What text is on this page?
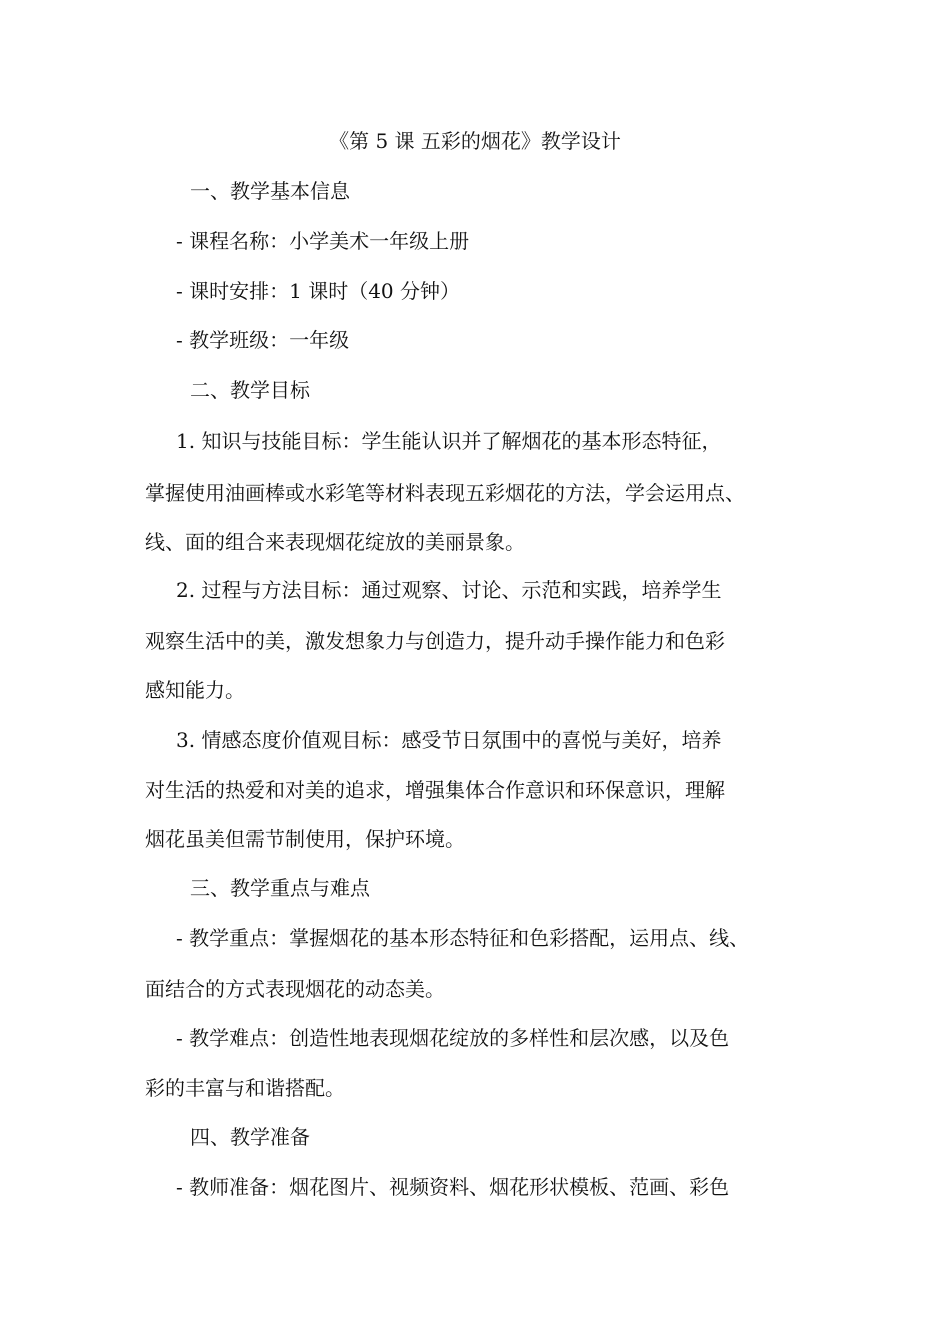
《第 5 课 五彩的烟花》教学设计
一、教学基本信息
- 课程名称：小学美术一年级上册
- 课时安排：1 课时（40 分钟）
- 教学班级：一年级
二、教学目标
1. 知识与技能目标：学生能认识并了解烟花的基本形态特征，
掌握使用油画棒或水彩笔等材料表现五彩烟花的方法，学会运用点、
线、面的组合来表现烟花绽放的美丽景象。
2. 过程与方法目标：通过观察、讨论、示范和实践，培养学生
观察生活中的美，激发想象力与创造力，提升动手操作能力和色彩
感知能力。
3. 情感态度价值观目标：感受节日氛围中的喜悦与美好，培养
对生活的热爱和对美的追求，增强集体合作意识和环保意识，理解
烟花虽美但需节制使用，保护环境。
三、教学重点与难点
- 教学重点：掌握烟花的基本形态特征和色彩搭配，运用点、线、
面结合的方式表现烟花的动态美。
- 教学难点：创造性地表现烟花绽放的多样性和层次感，以及色
彩的丰富与和谐搭配。
四、教学准备
- 教师准备：烟花图片、视频资料、烟花形状模板、范画、彩色
